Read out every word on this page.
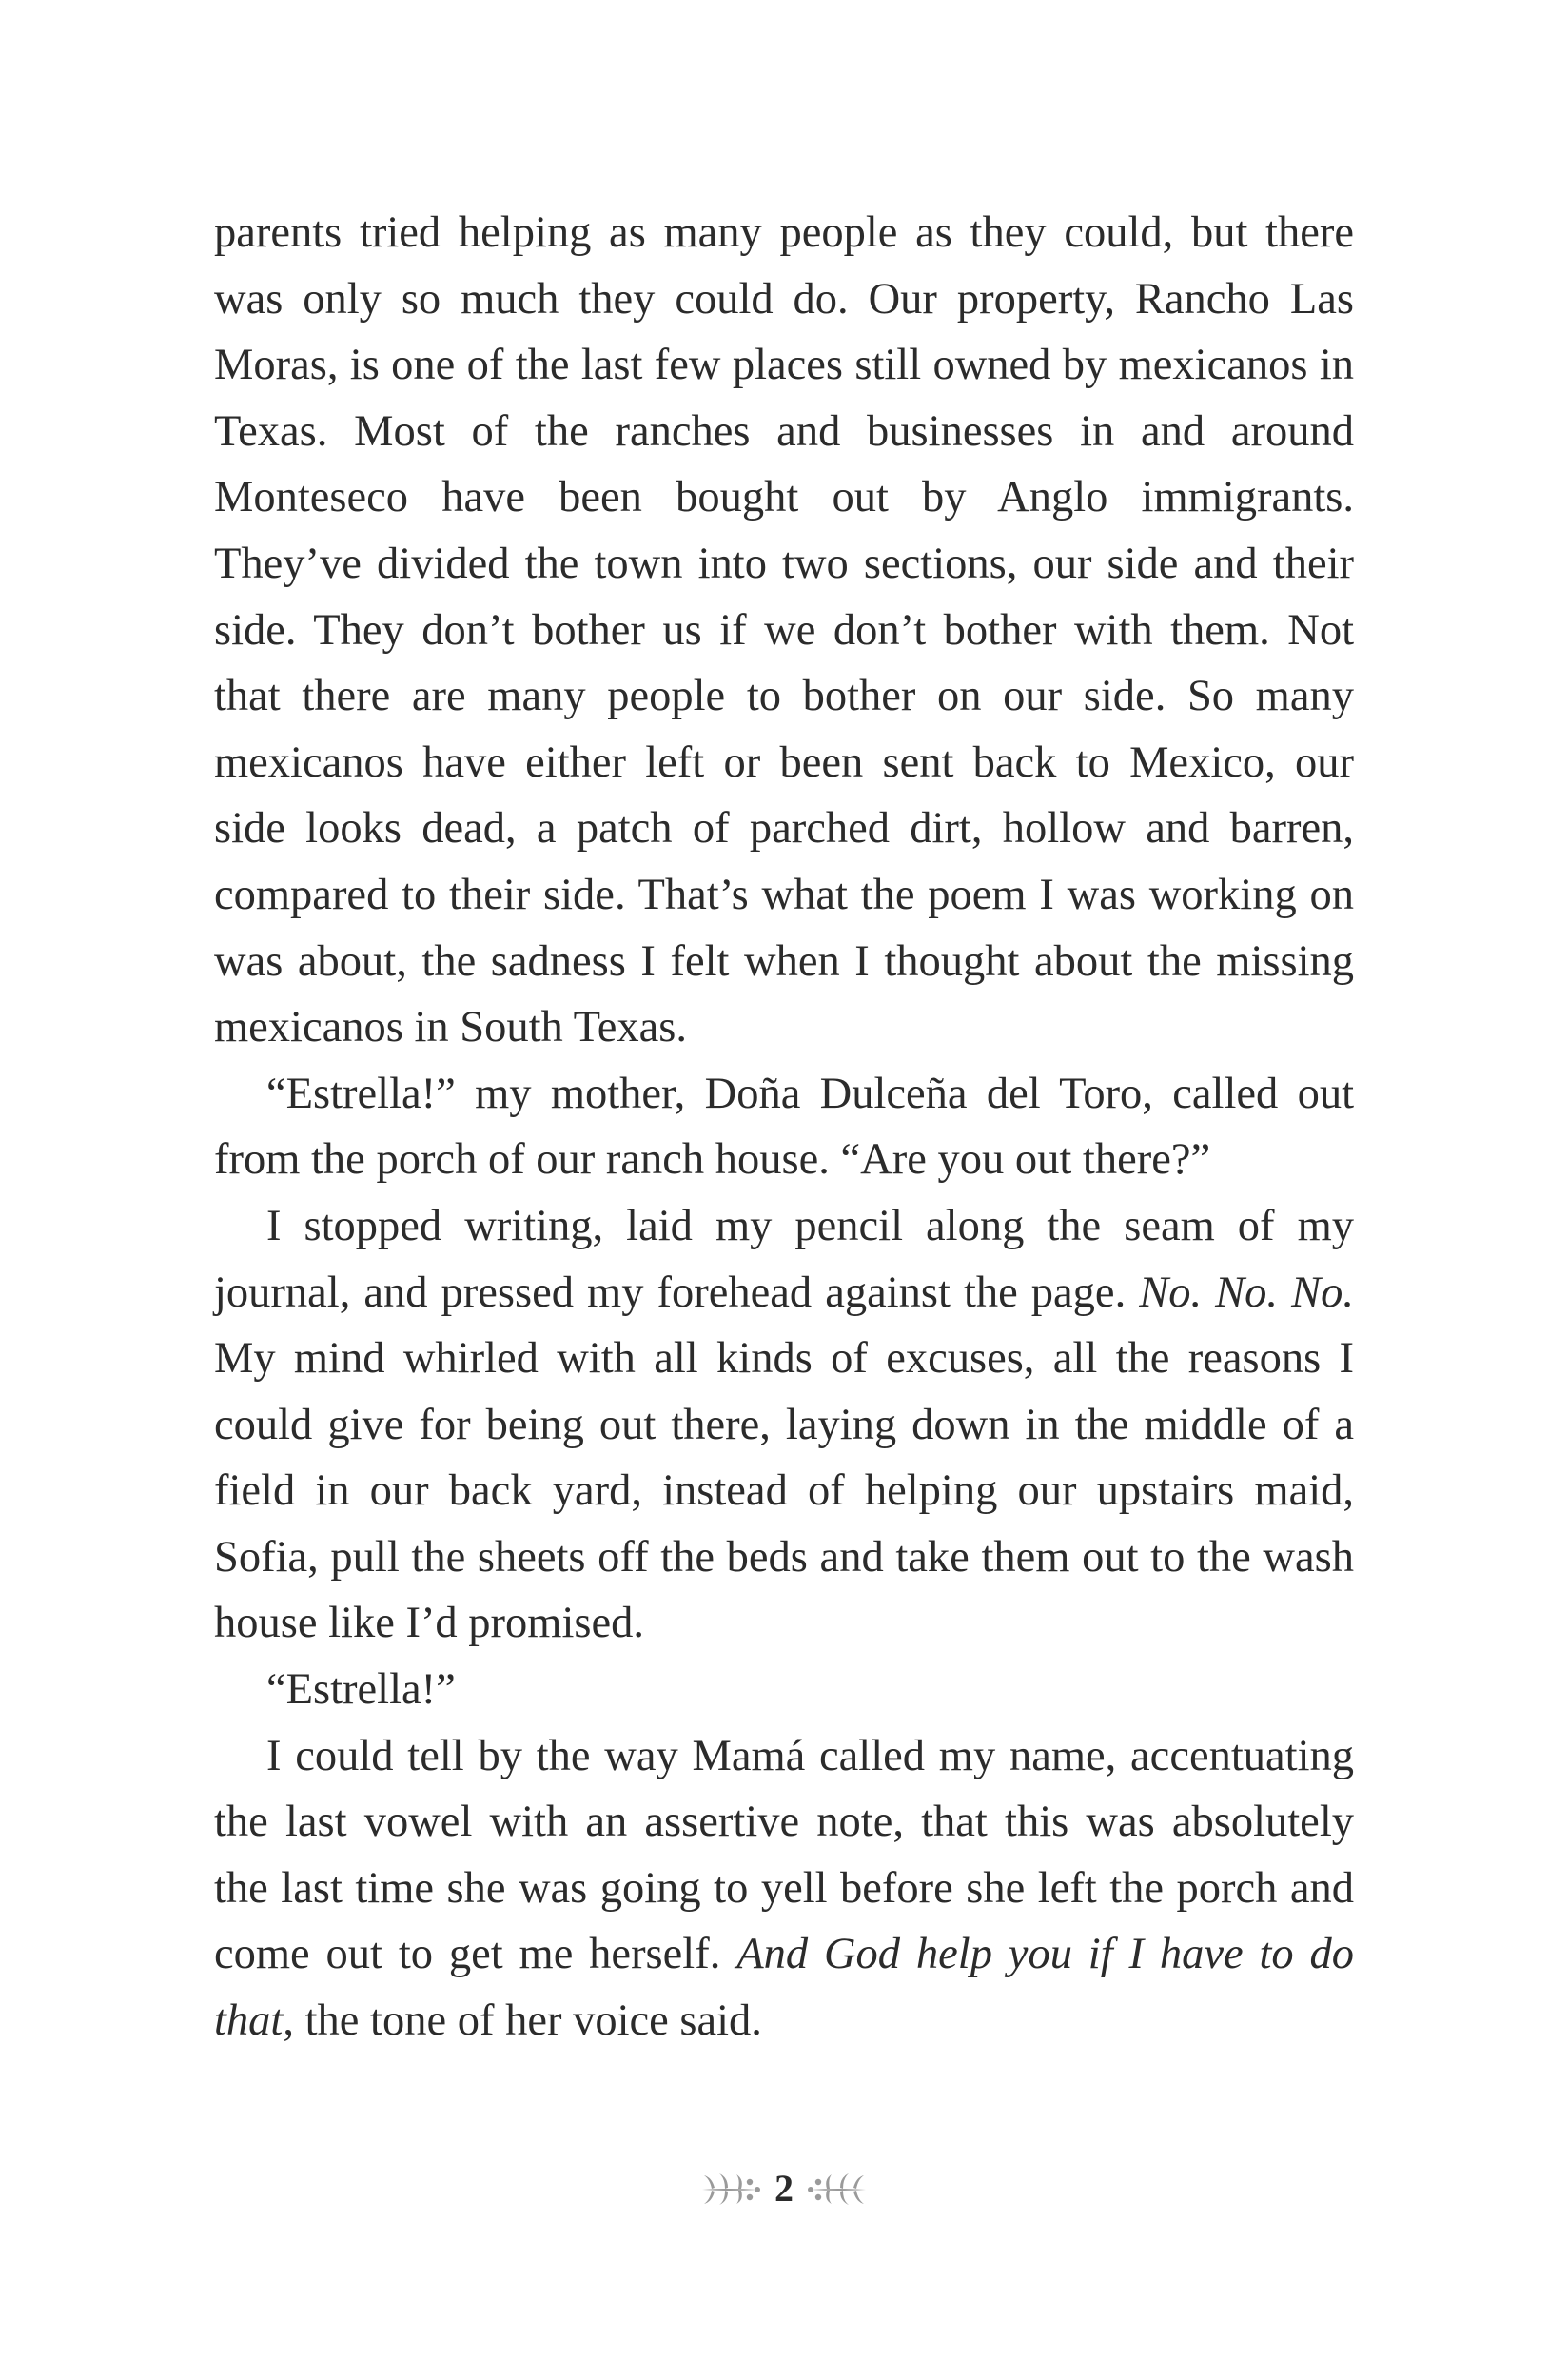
parents tried helping as many people as they could, but there was only so much they could do. Our property, Rancho Las Moras, is one of the last few places still owned by mexicanos in Texas. Most of the ranches and businesses in and around Monteseco have been bought out by Anglo immigrants. They’ve divided the town into two sections, our side and their side. They don’t bother us if we don’t bother with them. Not that there are many people to bother on our side. So many mexicanos have either left or been sent back to Mexico, our side looks dead, a patch of parched dirt, hollow and barren, compared to their side. That’s what the poem I was working on was about, the sadness I felt when I thought about the missing mexicanos in South Texas.

“Estrella!” my mother, Doña Dulceña del Toro, called out from the porch of our ranch house. “Are you out there?”

I stopped writing, laid my pencil along the seam of my journal, and pressed my forehead against the page. No. No. No. My mind whirled with all kinds of excuses, all the reasons I could give for being out there, laying down in the middle of a field in our back yard, instead of helping our upstairs maid, Sofia, pull the sheets off the beds and take them out to the wash house like I’d promised.

“Estrella!”

I could tell by the way Mamá called my name, accentuating the last vowel with an assertive note, that this was absolutely the last time she was going to yell before she left the porch and come out to get me herself. And God help you if I have to do that, the tone of her voice said.

2
